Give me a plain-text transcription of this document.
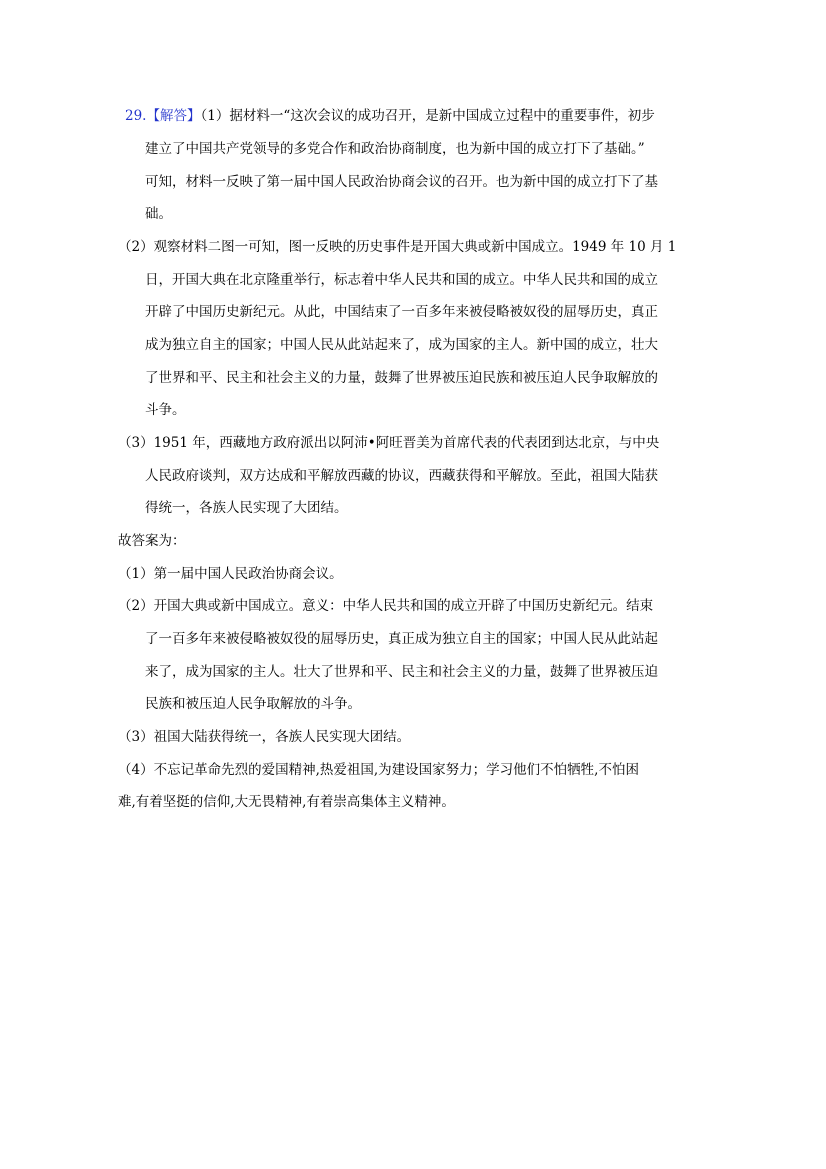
29.【解答】（1）据材料一“这次会议的成功召开，是新中国成立过程中的重要事件，初步
建立了中国共产党领导的多党合作和政治协商制度，也为新中国的成立打下了基础。”
可知，材料一反映了第一届中国人民政治协商会议的召开。也为新中国的成立打下了基
础。
（2）观察材料二图一可知，图一反映的历史事件是开国大典或新中国成立。1949 年 10 月 1
日，开国大典在北京隆重举行，标志着中华人民共和国的成立。中华人民共和国的成立
开辟了中国历史新纪元。从此，中国结束了一百多年来被侵略被奴役的屈辱历史，真正
成为独立自主的国家；中国人民从此站起来了，成为国家的主人。新中国的成立，壮大
了世界和平、民主和社会主义的力量，鼓舞了世界被压迫民族和被压迫人民争取解放的
斗争。
（3）1951 年，西藏地方政府派出以阿沛•阿旺晋美为首席代表的代表团到达北京，与中央
人民政府谈判，双方达成和平解放西藏的协议，西藏获得和平解放。至此，祖国大陆获
得统一，各族人民实现了大团结。
故答案为：
（1）第一届中国人民政治协商会议。
（2）开国大典或新中国成立。意义：中华人民共和国的成立开辟了中国历史新纪元。结束
了一百多年来被侵略被奴役的屈辱历史，真正成为独立自主的国家；中国人民从此站起
来了，成为国家的主人。壮大了世界和平、民主和社会主义的力量，鼓舞了世界被压迫
民族和被压迫人民争取解放的斗争。
（3）祖国大陆获得统一，各族人民实现大团结。
（4）不忘记革命先烈的爱国精神,热爱祖国,为建设国家努力；学习他们不怕牺牲,不怕困
难,有着坚挺的信仰,大无畏精神,有着崇高集体主义精神。
